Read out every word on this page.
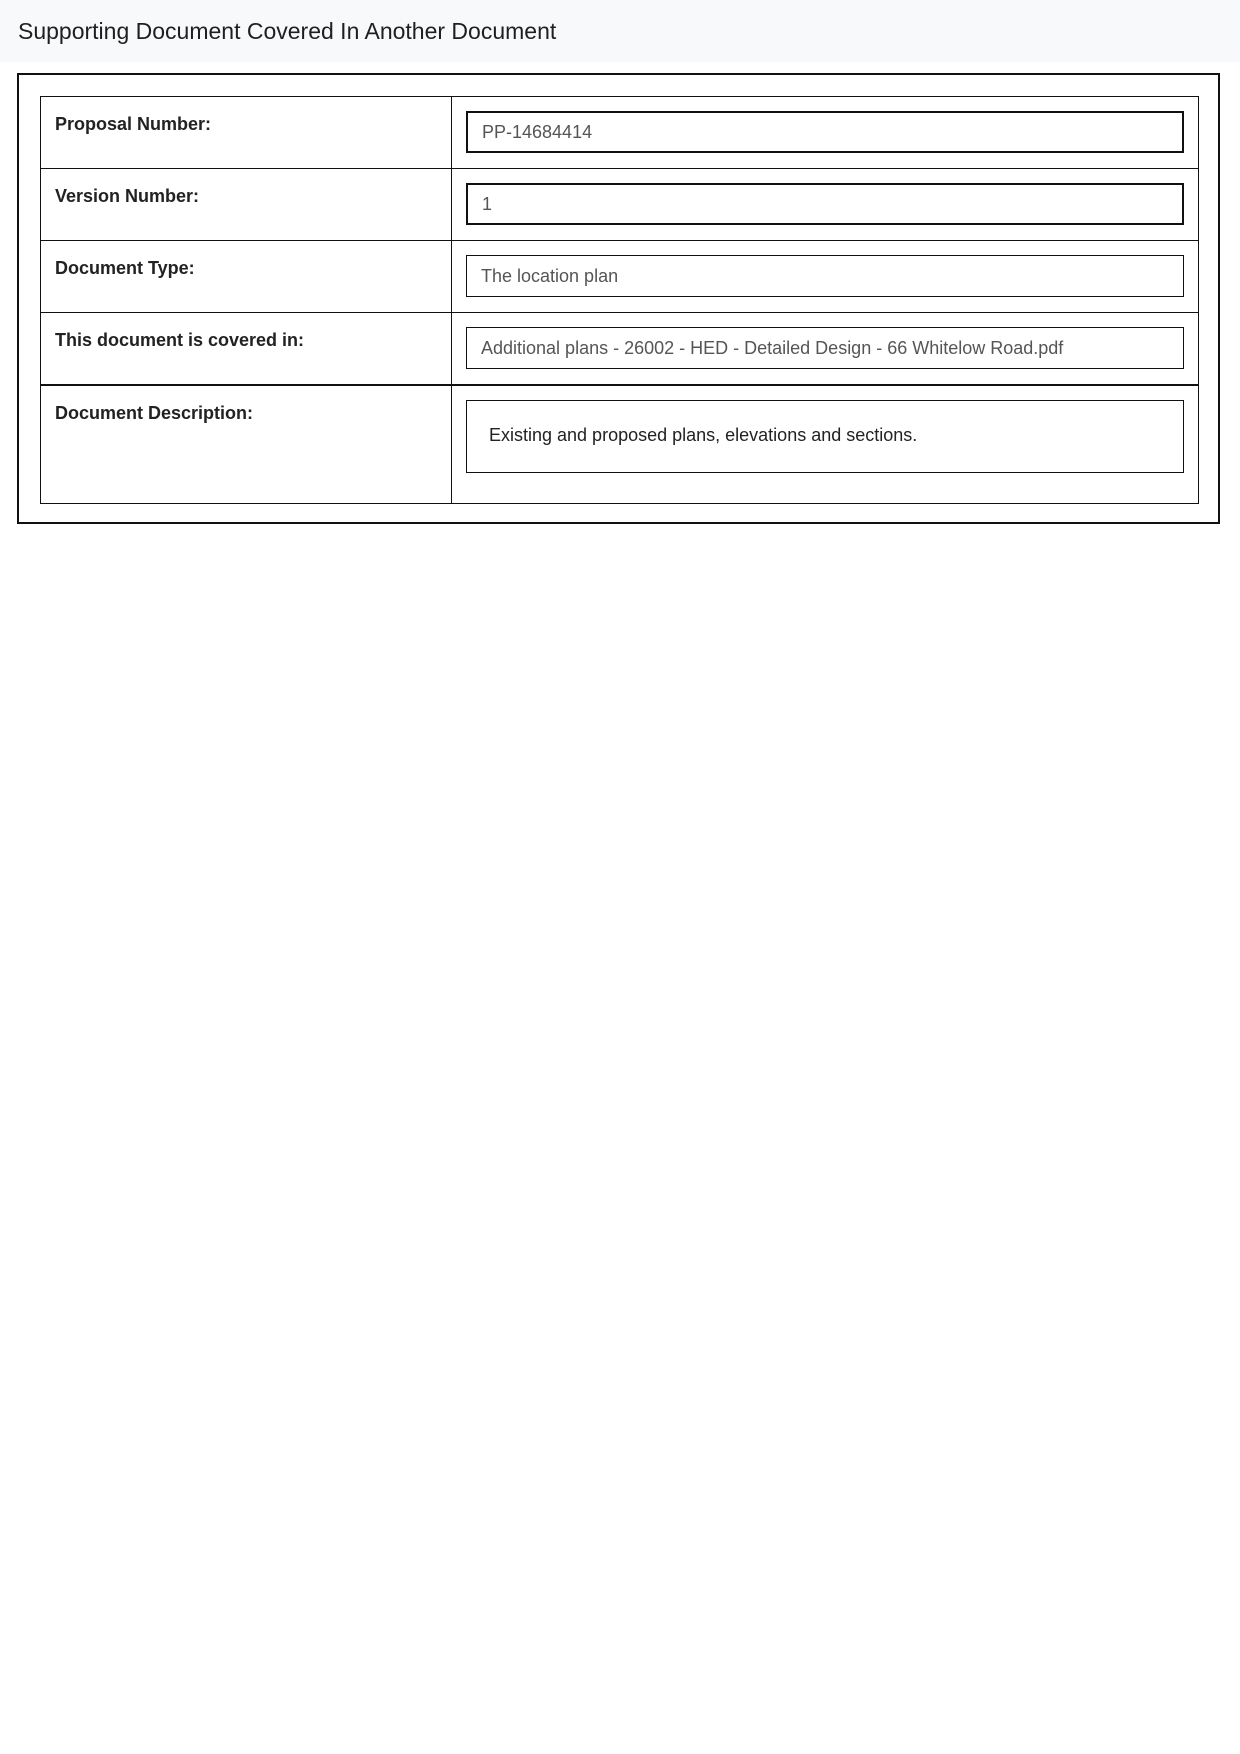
Supporting Document Covered In Another Document
Proposal Number:	PP-14684414

Version Number:	1

Document Type:	The location plan

This document is covered in:	Additional plans - 26002 - HED - Detailed Design - 66 Whitelow Road.pdf

Document Description:	Existing and proposed plans, elevations and sections.
